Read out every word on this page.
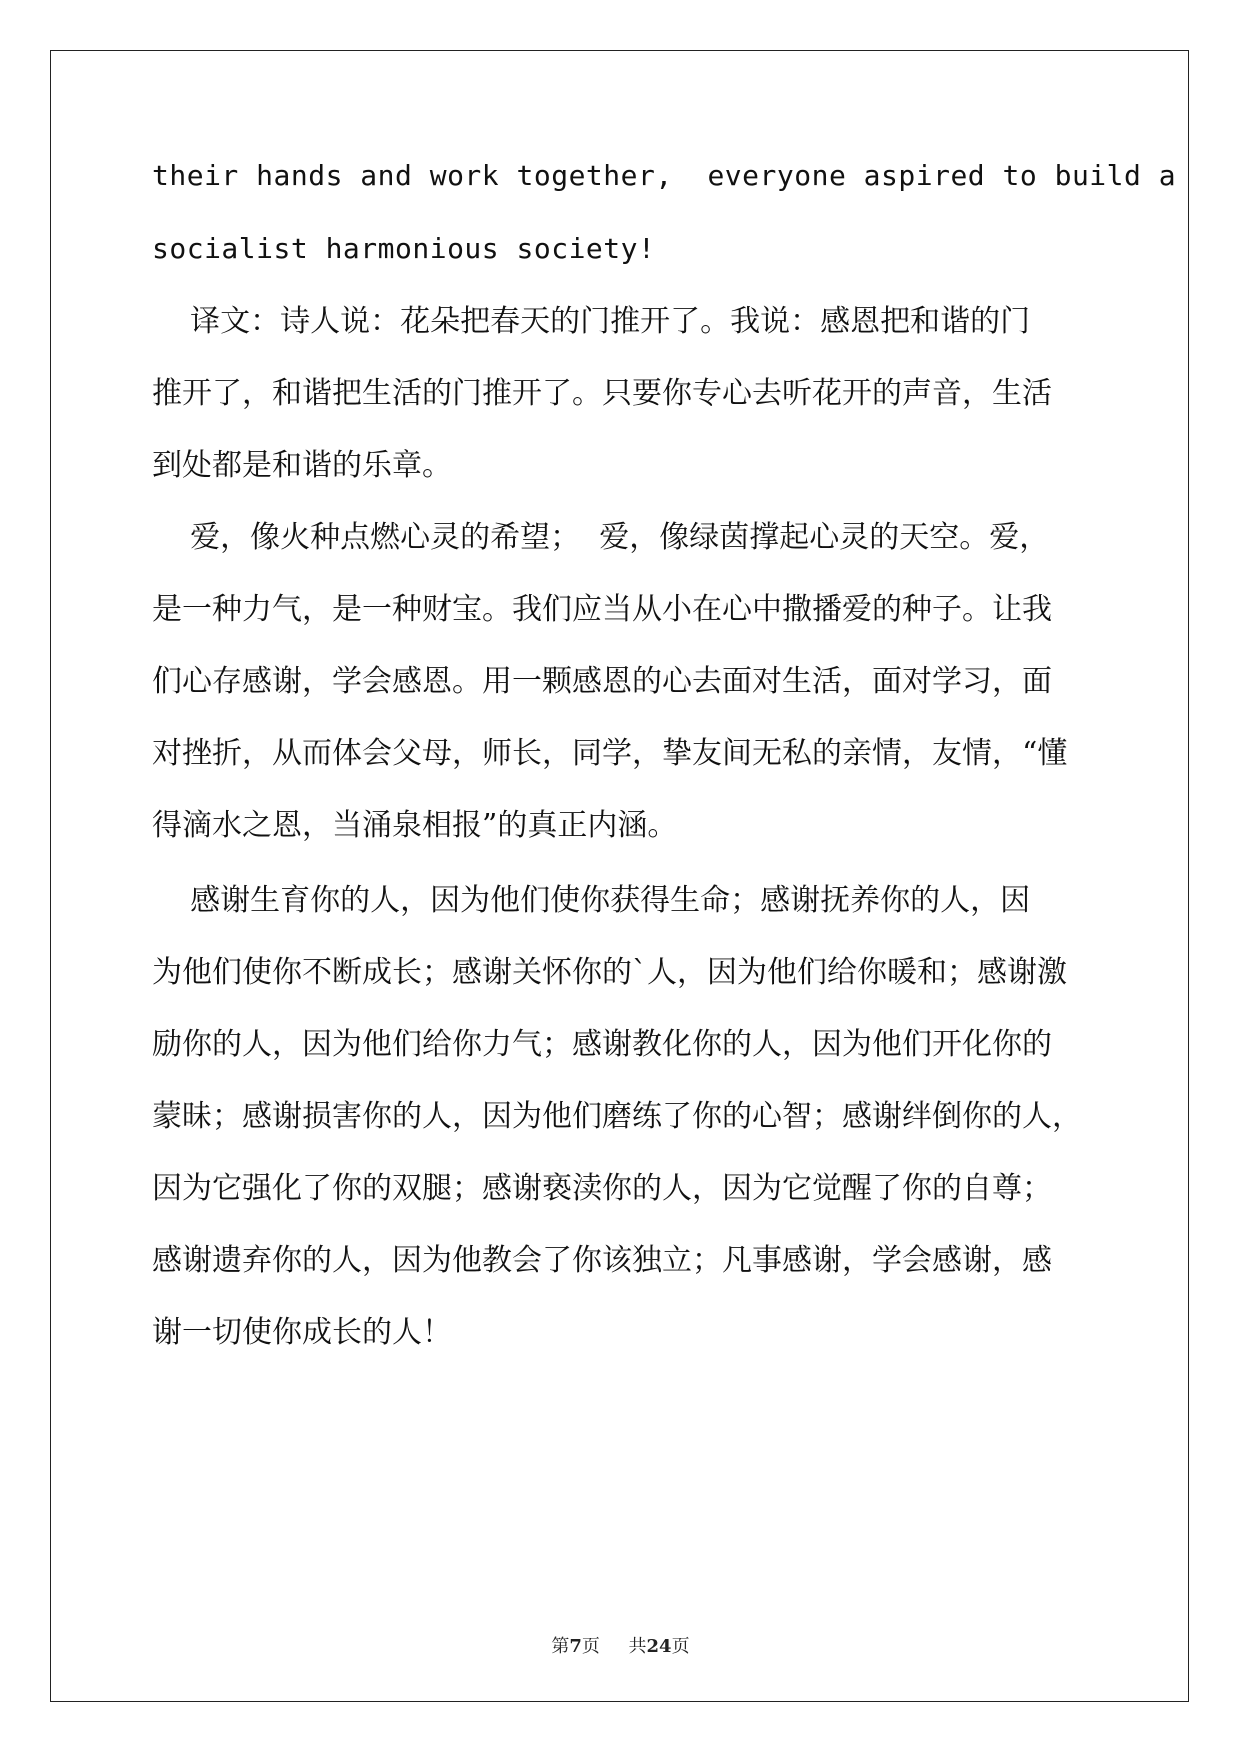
their hands and work together,  everyone aspired to build a
socialist harmonious society!
译文：诗人说：花朵把春天的门推开了。我说：感恩把和谐的门
推开了，和谐把生活的门推开了。只要你专心去听花开的声音，生活
到处都是和谐的乐章。
爱，像火种点燃心灵的希望；  爱，像绿茵撑起心灵的天空。爱，
是一种力气，是一种财宝。我们应当从小在心中撒播爱的种子。让我
们心存感谢，学会感恩。用一颗感恩的心去面对生活，面对学习，面
对挫折，从而体会父母，师长，同学，挚友间无私的亲情，友情，“懂
得滴水之恩，当涌泉相报”的真正内涵。
感谢生育你的人，因为他们使你获得生命；感谢抚养你的人，因
为他们使你不断成长；感谢关怀你的`人，因为他们给你暖和；感谢激
励你的人，因为他们给你力气；感谢教化你的人，因为他们开化你的
蒙昧；感谢损害你的人，因为他们磨练了你的心智；感谢绊倒你的人，
因为它强化了你的双腿；感谢亵渎你的人，因为它觉醒了你的自尊；
感谢遗弃你的人，因为他教会了你该独立；凡事感谢，学会感谢，感
谢一切使你成长的人！
第7页 共24页
